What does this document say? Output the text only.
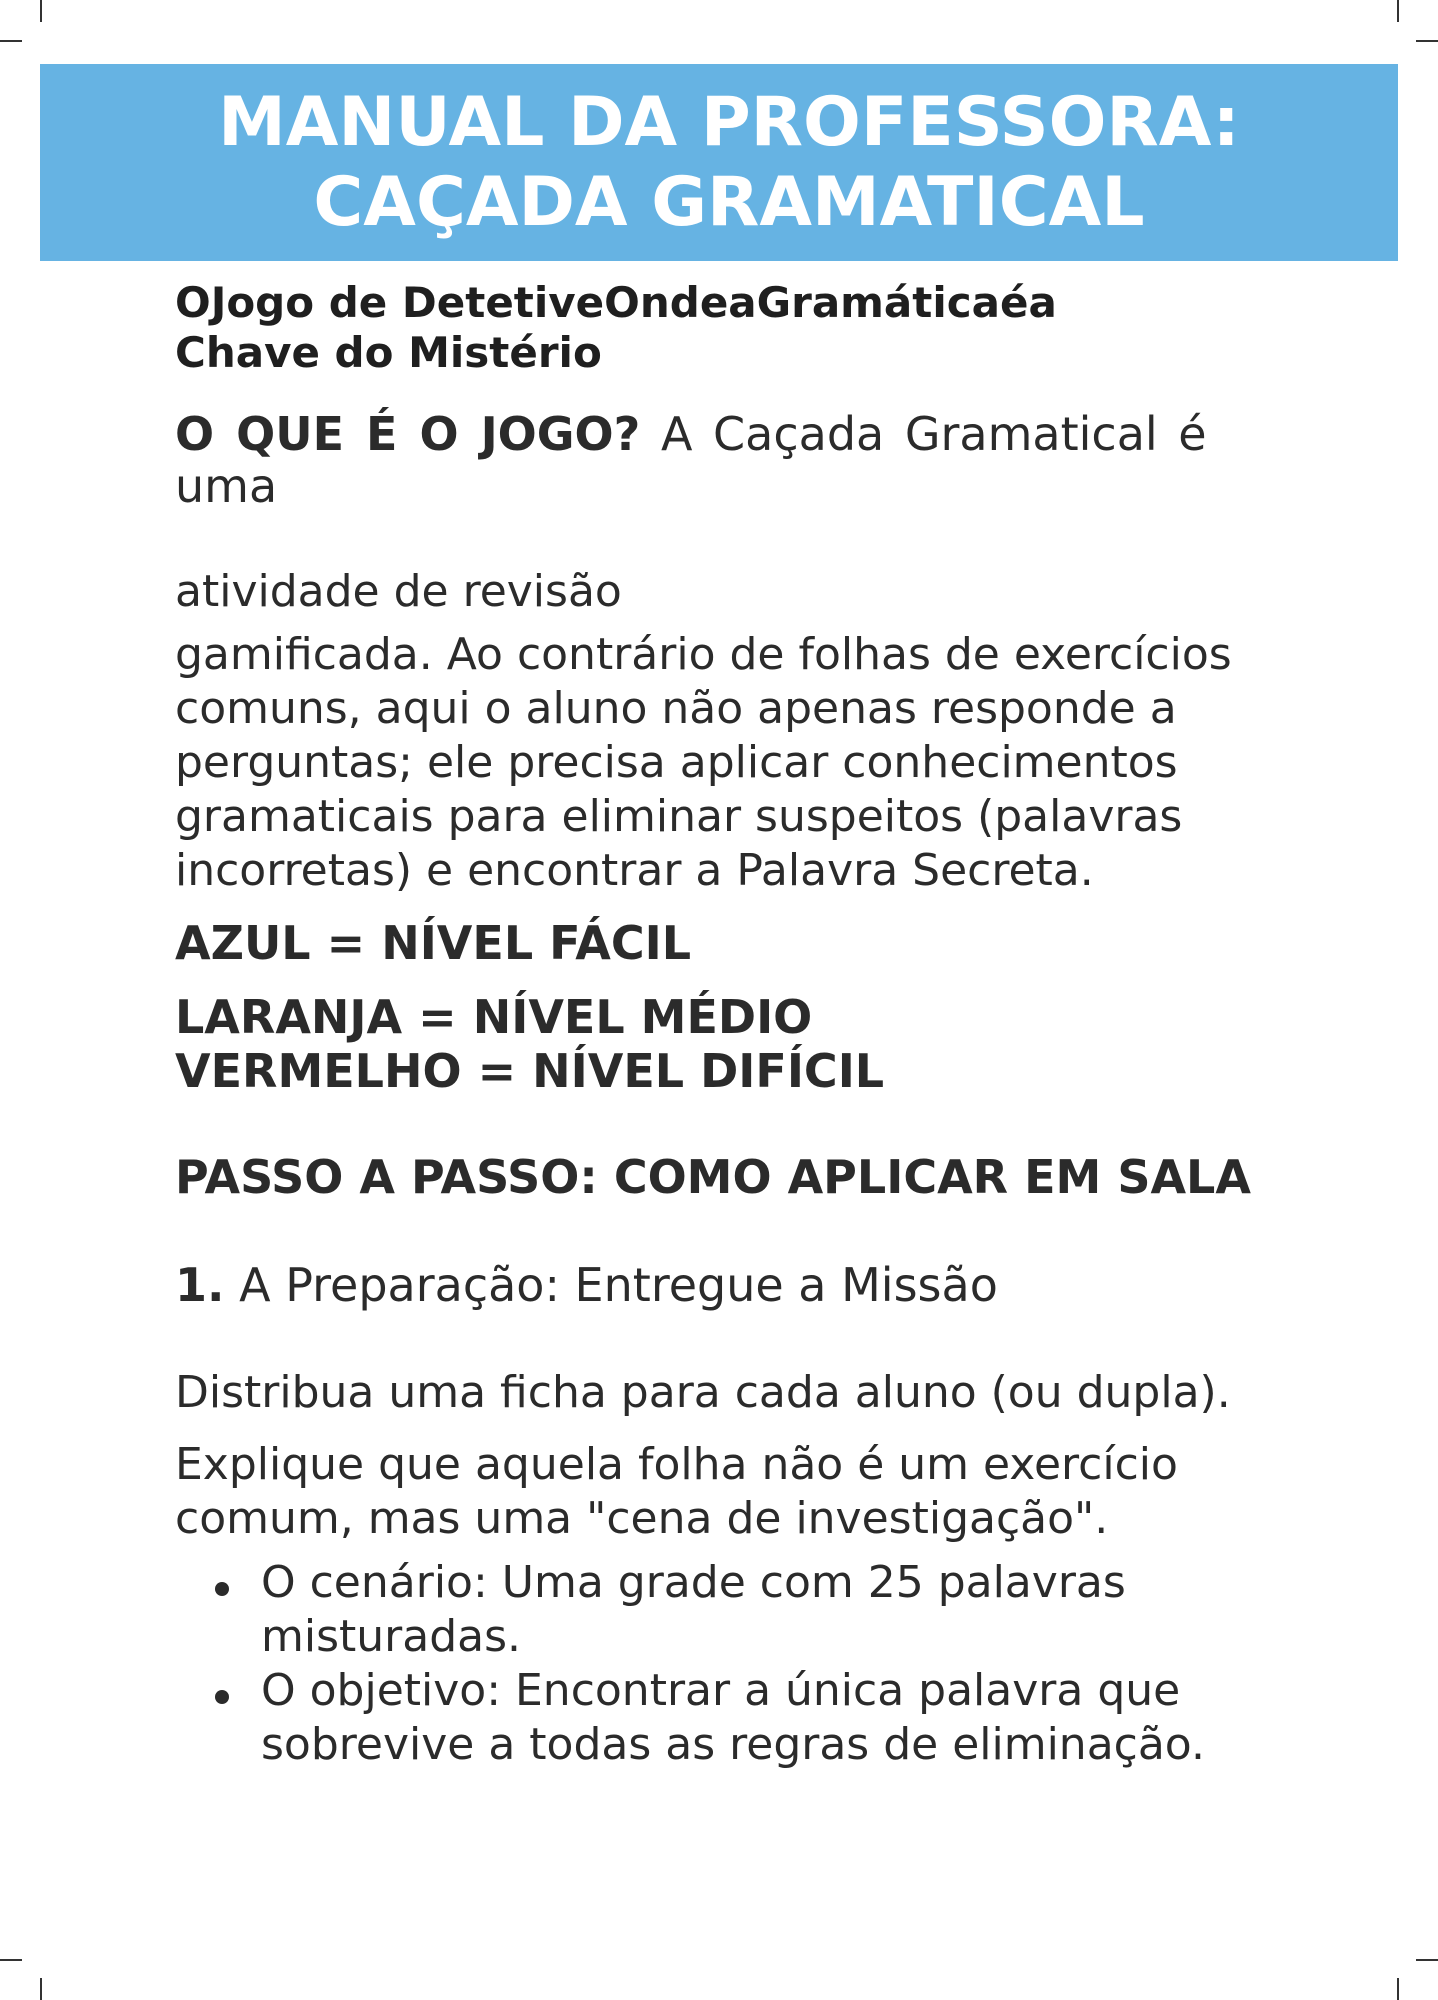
MANUAL DA PROFESSORA: CAÇADA GRAMATICAL

OJogo de DetetiveOndeaGramáticaéa
Chave do Mistério

O QUE É O JOGO? A Caçada Gramatical é uma
atividade de revisão
gamificada. Ao contrário de folhas de exercícios comuns, aqui o aluno não apenas responde a perguntas; ele precisa aplicar conhecimentos gramaticais para eliminar suspeitos (palavras incorretas) e encontrar a Palavra Secreta.
AZUL = NÍVEL FÁCIL
LARANJA = NÍVEL MÉDIO
VERMELHO = NÍVEL DIFÍCIL
PASSO A PASSO: COMO APLICAR EM SALA
1. A Preparação: Entregue a Missão
Distribua uma ficha para cada aluno (ou dupla).
Explique que aquela folha não é um exercício comum, mas uma "cena de investigação".
O cenário: Uma grade com 25 palavras misturadas.
O objetivo: Encontrar a única palavra que sobrevive a todas as regras de eliminação.
